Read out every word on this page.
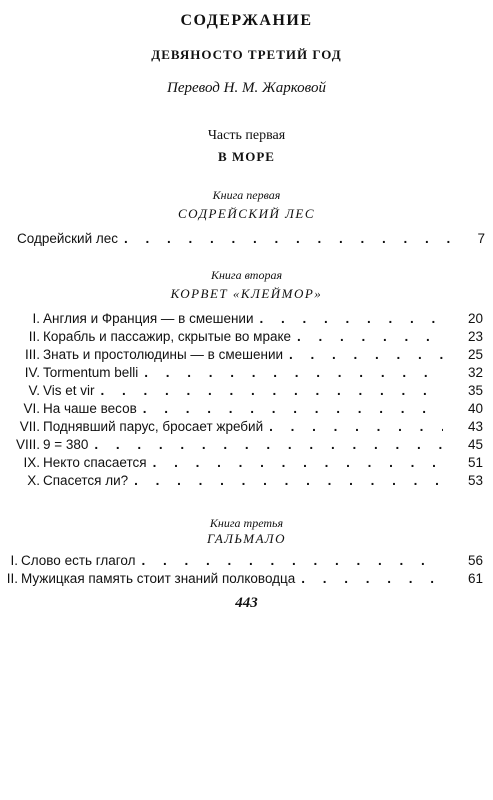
СОДЕРЖАНИЕ
ДЕВЯНОСТО ТРЕТИЙ ГОД
Перевод Н. М. Жарковой
Часть первая
В МОРЕ
Книга первая
СОДРЕЙСКИЙ ЛЕС
Содрейский лес . . .	7
Книга вторая
КОРВЕТ «КЛЕЙМОР»
I. Англия и Франция — в смешении . . .	20
II. Корабль и пассажир, скрытые во мраке . . .	23
III. Знать и простолюдины — в смешении . . .	25
IV. Tormentum belli . . .	32
V. Vis et vir . . .	35
VI. На чаше весов . . .	40
VII. Поднявший парус, бросает жребий . . .	43
VIII. 9 = 380 . . .	45
IX. Некто спасается . . .	51
X. Спасется ли? . . .	53
Книга третья
ГАЛЬМАЛО
I. Слово есть глагол . . .	56
II. Мужицкая память стоит знаний полководца . . .	61
443
